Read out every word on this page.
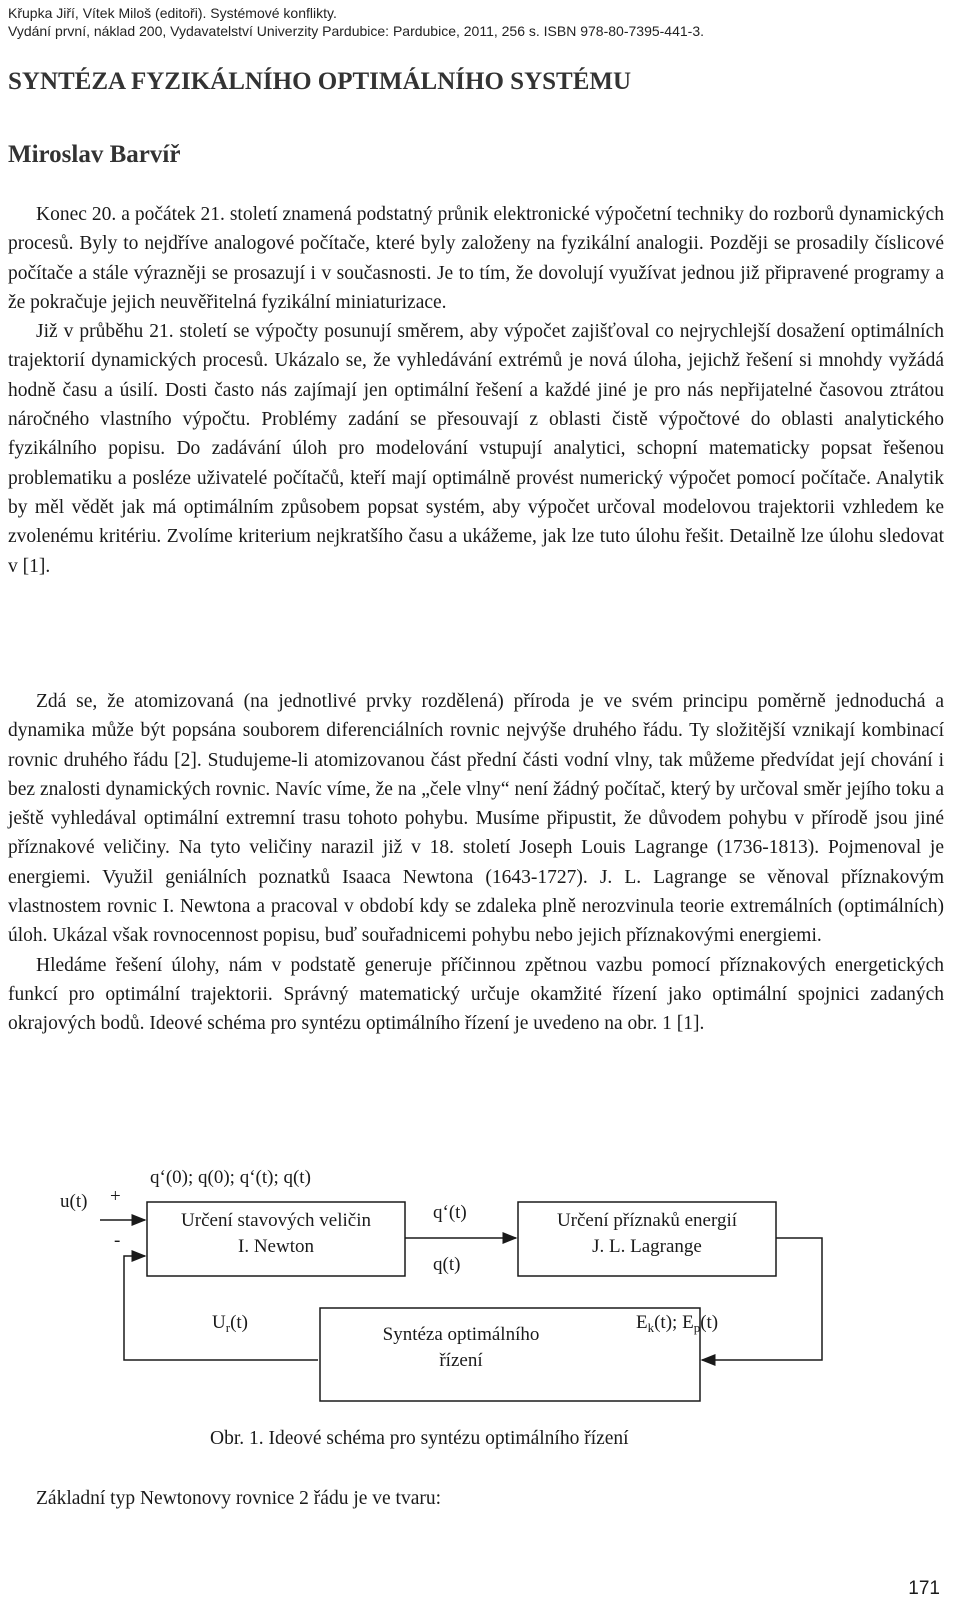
Křupka Jiří, Vítek Miloš (editoři). Systémové konflikty.
Vydání první, náklad 200, Vydavatelství Univerzity Pardubice: Pardubice, 2011, 256 s. ISBN 978-80-7395-441-3.
SYNTÉZA FYZIKÁLNÍHO OPTIMÁLNÍHO SYSTÉMU
Miroslav Barvíř

Konec 20. a počátek 21. století znamená podstatný průnik elektronické výpočetní techniky do rozborů dynamických procesů. Byly to nejdříve analogové počítače, které byly založeny na fyzikální analogii. Později se prosadily číslicové počítače a stále výrazněji se prosazují i v současnosti. Je to tím, že dovolují využívat jednou již připravené programy a že pokračuje jejich neuvěřitelná fyzikální miniaturizace.

Již v průběhu 21. století se výpočty posunují směrem, aby výpočet zajišťoval co nejrychlejší dosažení optimálních trajektorií dynamických procesů. Ukázalo se, že vyhledávání extrémů je nová úloha, jejichž řešení si mnohdy vyžádá hodně času a úsilí. Dosti často nás zajímají jen optimální řešení a každé jiné je pro nás nepřijatelné časovou ztrátou náročného vlastního výpočtu. Problémy zadání se přesouvají z oblasti čistě výpočtové do oblasti analytického fyzikálního popisu. Do zadávání úloh pro modelování vstupují analytici, schopní matematicky popsat řešenou problematiku a posléze uživatelé počítačů, kteří mají optimálně provést numerický výpočet pomocí počítače. Analytik by měl vědět jak má optimálním způsobem popsat systém, aby výpočet určoval modelovou trajektorii vzhledem ke zvolenému kritériu. Zvolíme kriterium nejkratšího času a ukážeme, jak lze tuto úlohu řešit. Detailně lze úlohu sledovat v [1].

Zdá se, že atomizovaná (na jednotlivé prvky rozdělená) příroda je ve svém principu poměrně jednoduchá a dynamika může být popsána souborem diferenciálních rovnic nejvýše druhého řádu. Ty složitější vznikají kombinací rovnic druhého řádu [2]. Studujeme-li atomizovanou část přední části vodní vlny, tak můžeme předvídat její chování i bez znalosti dynamických rovnic. Navíc víme, že na „čele vlny“ není žádný počítač, který by určoval směr jejího toku a ještě vyhledával optimální extremní trasu tohoto pohybu. Musíme připustit, že důvodem pohybu v přírodě jsou jiné příznakové veličiny. Na tyto veličiny narazil již v 18. století Joseph Louis Lagrange (1736-1813). Pojmenoval je energiemi. Využil geniálních poznatků Isaaca Newtona (1643-1727). J. L. Lagrange se věnoval příznakovým vlastnostem rovnic I. Newtona a pracoval v období kdy se zdaleka plně nerozvinula teorie extremálních (optimálních) úloh. Ukázal však rovnocennost popisu, buď souřadnicemi pohybu nebo jejich příznakovými energiemi.

Hledáme řešení úlohy, nám v podstatě generuje příčinnou zpětnou vazbu pomocí příznakových energetických funkcí pro optimální trajektorii. Správný matematický určuje okamžité řízení jako optimální spojnici zadaných okrajových bodů. Ideové schéma pro syntézu optimálního řízení je uvedeno na obr. 1 [1].

u(t) +
-
q‘(0); q(0); q‘(t); q(t)
Určení stavových veličin
I. Newton
q‘(t)
q(t)
Určení příznaků energií
J. L. Lagrange
$U_r(t)$	$E_k(t)$; $E_p(t)$
Syntéza optimálního
řízení
Obr. 1. Ideové schéma pro syntézu optimálního řízení
Základní typ Newtonovy rovnice 2 řádu je ve tvaru:
171
